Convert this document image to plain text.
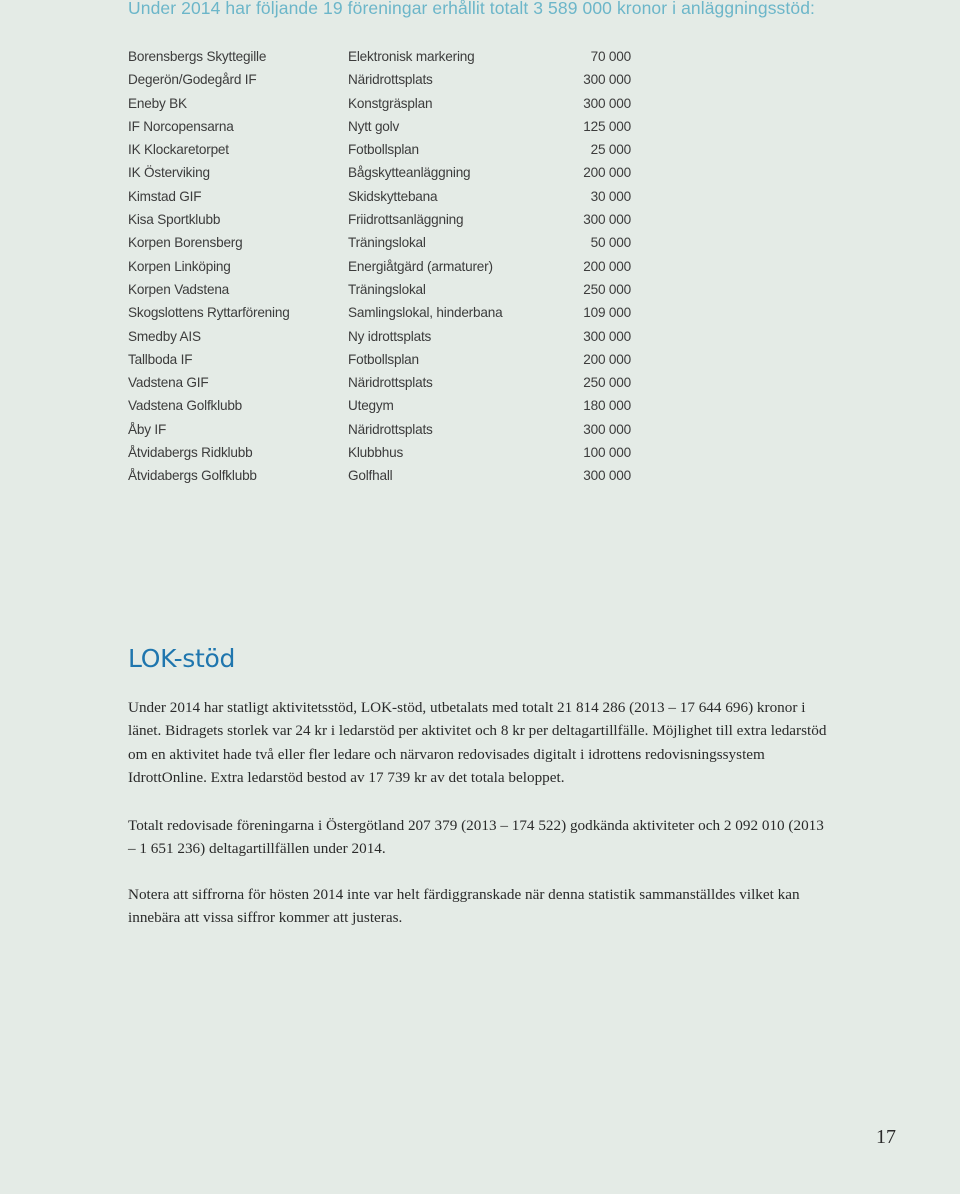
Under 2014 har följande 19 föreningar erhållit totalt 3 589 000 kronor i anläggningsstöd:
Borensbergs Skyttegille	Elektronisk markering	70 000
Degerön/Godegård IF	Näridrottsplats	300 000
Eneby BK	Konstgräsplan	300 000
IF Norcopensarna	Nytt golv	125 000
IK Klockaretorpet	Fotbollsplan	25 000
IK Österviking	Bågskytteanläggning	200 000
Kimstad GIF	Skidskyttebana	30 000
Kisa Sportklubb	Friidrottsanläggning	300 000
Korpen Borensberg	Träningslokal	50 000
Korpen Linköping	Energiåtgärd (armaturer)	200 000
Korpen Vadstena	Träningslokal	250 000
Skogslottens Ryttarförening	Samlingslokal, hinderbana	109 000
Smedby AIS	Ny idrottsplats	300 000
Tallboda IF	Fotbollsplan	200 000
Vadstena GIF	Näridrottsplats	250 000
Vadstena Golfklubb	Utegym	180 000
Åby IF	Näridrottsplats	300 000
Åtvidabergs Ridklubb	Klubbhus	100 000
Åtvidabergs Golfklubb	Golfhall	300 000
LOK-stöd

Under 2014 har statligt aktivitetsstöd, LOK-stöd, utbetalats med totalt 21 814 286 (2013 – 17 644 696) kronor i länet. Bidragets storlek var 24 kr i ledarstöd per aktivitet och 8 kr per deltagartillfälle. Möjlighet till extra ledarstöd om en aktivitet hade två eller fler ledare och närvaron redovisades digitalt i idrottens redovisningssystem IdrottOnline. Extra ledarstöd bestod av 17 739 kr av det totala beloppet.

Totalt redovisade föreningarna i Östergötland 207 379 (2013 – 174 522) godkända aktiviteter och 2 092 010 (2013 – 1 651 236) deltagartillfällen under 2014.

Notera att siffrorna för hösten 2014 inte var helt färdiggranskade när denna statistik sammanställdes vilket kan innebära att vissa siffror kommer att justeras.

17
